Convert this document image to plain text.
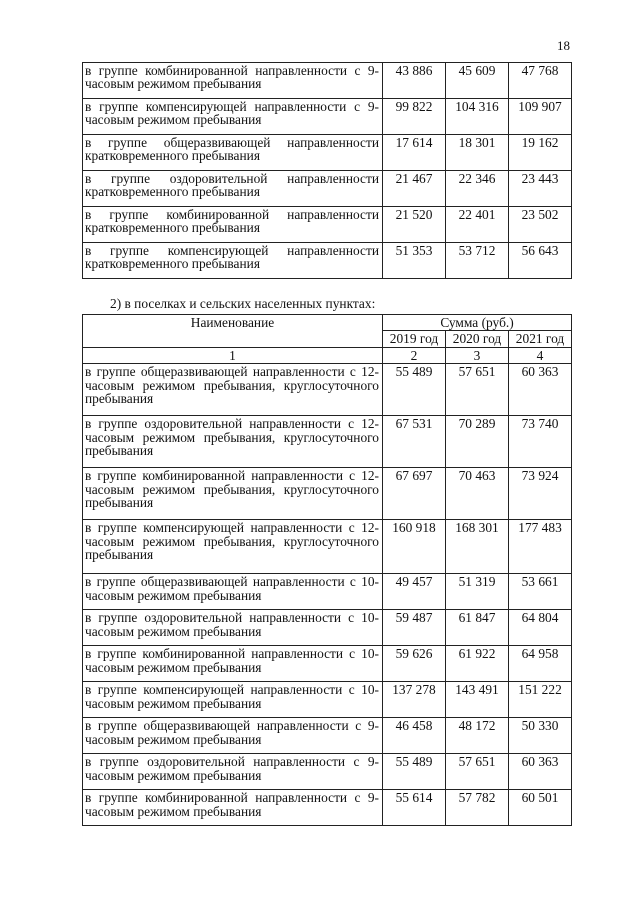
18
в группе комбинированной направленности с 9-часовым режимом пребывания	43 886	45 609	47 768
в группе компенсирующей направленности с 9-часовым режимом пребывания	99 822	104 316	109 907
в группе общеразвивающей направленности кратковременного пребывания	17 614	18 301	19 162
в группе оздоровительной направленности кратковременного пребывания	21 467	22 346	23 443
в группе комбинированной направленности кратковременного пребывания	21 520	22 401	23 502
в группе компенсирующей направленности кратковременного пребывания	51 353	53 712	56 643
2) в поселках и сельских населенных пунктах:
Наименование	Сумма (руб.)		
	2019 год	2020 год	2021 год
1	2	3	4
в группе общеразвивающей направленности с 12-часовым режимом пребывания, круглосуточного пребывания	55 489	57 651	60 363
в группе оздоровительной направленности с 12-часовым режимом пребывания, круглосуточного пребывания	67 531	70 289	73 740
в группе комбинированной направленности с 12-часовым режимом пребывания, круглосуточного пребывания	67 697	70 463	73 924
в группе компенсирующей направленности с 12-часовым режимом пребывания, круглосуточного пребывания	160 918	168 301	177 483
в группе общеразвивающей направленности с 10-часовым режимом пребывания	49 457	51 319	53 661
в группе оздоровительной направленности с 10-часовым режимом пребывания	59 487	61 847	64 804
в группе комбинированной направленности с 10-часовым режимом пребывания	59 626	61 922	64 958
в группе компенсирующей направленности с 10-часовым режимом пребывания	137 278	143 491	151 222
в группе общеразвивающей направленности с 9-часовым режимом пребывания	46 458	48 172	50 330
в группе оздоровительной направленности с 9-часовым режимом пребывания	55 489	57 651	60 363
в группе комбинированной направленности с 9-часовым режимом пребывания	55 614	57 782	60 501
